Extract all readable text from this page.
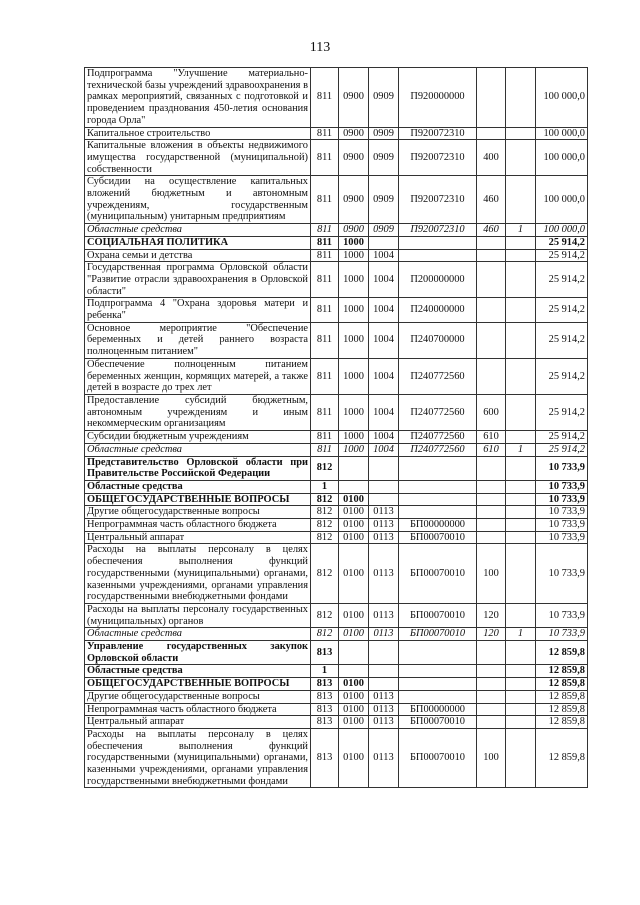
113
Подпрограмма "Улучшение материально-технической базы учреждений здравоохранения в рамках мероприятий, связанных с подготовкой и проведением празднования 450-летия основания города Орла"	811	0900	0909	П920000000			100 000,0
Капитальное строительство	811	0900	0909	П920072310			100 000,0
Капитальные вложения в объекты недвижимого имущества государственной (муниципальной) собственности	811	0900	0909	П920072310	400		100 000,0
Субсидии на осуществление капитальных вложений бюджетным и автономным учреждениям, государственным (муниципальным) унитарным предприятиям	811	0900	0909	П920072310	460		100 000,0
Областные средства	811	0900	0909	П920072310	460	1	100 000,0
СОЦИАЛЬНАЯ ПОЛИТИКА	811	1000					25 914,2
Охрана семьи и детства	811	1000	1004				25 914,2
Государственная программа Орловской области "Развитие отрасли здравоохранения в Орловской области"	811	1000	1004	П200000000			25 914,2
Подпрограмма 4 "Охрана здоровья матери и ребенка"	811	1000	1004	П240000000			25 914,2
Основное мероприятие "Обеспечение беременных и детей раннего возраста полноценным питанием"	811	1000	1004	П240700000			25 914,2
Обеспечение полноценным питанием беременных женщин, кормящих матерей, а также детей в возрасте до трех лет	811	1000	1004	П240772560			25 914,2
Предоставление субсидий бюджетным, автономным учреждениям и иным некоммерческим организациям	811	1000	1004	П240772560	600		25 914,2
Субсидии бюджетным учреждениям	811	1000	1004	П240772560	610		25 914,2
Областные средства	811	1000	1004	П240772560	610	1	25 914,2
Представительство Орловской области при Правительстве Российской Федерации	812						10 733,9
Областные средства	1						10 733,9
ОБЩЕГОСУДАРСТВЕННЫЕ ВОПРОСЫ	812	0100					10 733,9
Другие общегосударственные вопросы	812	0100	0113				10 733,9
Непрограммная часть областного бюджета	812	0100	0113	БП00000000			10 733,9
Центральный аппарат	812	0100	0113	БП00070010			10 733,9
Расходы на выплаты персоналу в целях обеспечения выполнения функций государственными (муниципальными) органами, казенными учреждениями, органами управления государственными внебюджетными фондами	812	0100	0113	БП00070010	100		10 733,9
Расходы на выплаты персоналу государственных (муниципальных) органов	812	0100	0113	БП00070010	120		10 733,9
Областные средства	812	0100	0113	БП00070010	120	1	10 733,9
Управление государственных закупок Орловской области	813						12 859,8
Областные средства	1						12 859,8
ОБЩЕГОСУДАРСТВЕННЫЕ ВОПРОСЫ	813	0100					12 859,8
Другие общегосударственные вопросы	813	0100	0113				12 859,8
Непрограммная часть областного бюджета	813	0100	0113	БП00000000			12 859,8
Центральный аппарат	813	0100	0113	БП00070010			12 859,8
Расходы на выплаты персоналу в целях обеспечения выполнения функций государственными (муниципальными) органами, казенными учреждениями, органами управления государственными внебюджетными фондами	813	0100	0113	БП00070010	100		12 859,8
